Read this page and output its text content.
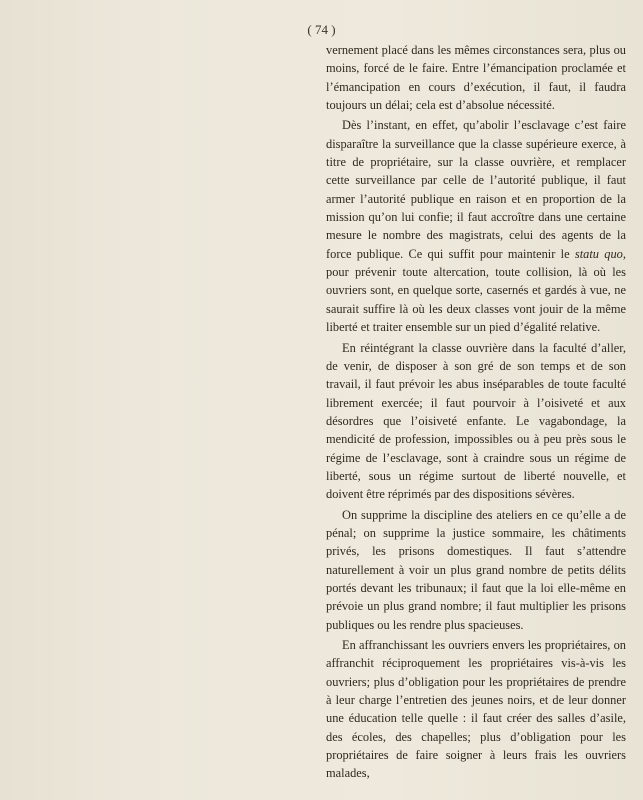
( 74 )

vernement placé dans les mêmes circonstances sera, plus ou moins, forcé de le faire. Entre l’émancipation proclamée et l’émancipation en cours d’exécution, il faut, il faudra toujours un délai; cela est d’absolue nécessité.

Dès l’instant, en effet, qu’abolir l’esclavage c’est faire disparaître la surveillance que la classe supérieure exerce, à titre de propriétaire, sur la classe ouvrière, et remplacer cette surveillance par celle de l’autorité publique, il faut armer l’autorité publique en raison et en proportion de la mission qu’on lui confie; il faut accroître dans une certaine mesure le nombre des magistrats, celui des agents de la force publique. Ce qui suffit pour maintenir le statu quo, pour prévenir toute altercation, toute collision, là où les ouvriers sont, en quelque sorte, casernés et gardés à vue, ne saurait suffire là où les deux classes vont jouir de la même liberté et traiter ensemble sur un pied d’égalité relative.

En réintégrant la classe ouvrière dans la faculté d’aller, de venir, de disposer à son gré de son temps et de son travail, il faut prévoir les abus inséparables de toute faculté librement exercée; il faut pourvoir à l’oisiveté et aux désordres que l’oisiveté enfante. Le vagabondage, la mendicité de profession, impossibles ou à peu près sous le régime de l’esclavage, sont à craindre sous un régime de liberté, sous un régime surtout de liberté nouvelle, et doivent être réprimés par des dispositions sévères.

On supprime la discipline des ateliers en ce qu’elle a de pénal; on supprime la justice sommaire, les châtiments privés, les prisons domestiques. Il faut s’attendre naturellement à voir un plus grand nombre de petits délits portés devant les tribunaux; il faut que la loi elle-même en prévoie un plus grand nombre; il faut multiplier les prisons publiques ou les rendre plus spacieuses.

En affranchissant les ouvriers envers les propriétaires, on affranchit réciproquement les propriétaires vis-à-vis les ouvriers; plus d’obligation pour les propriétaires de prendre à leur charge l’entretien des jeunes noirs, et de leur donner une éducation telle quelle : il faut créer des salles d’asile, des écoles, des chapelles; plus d’obligation pour les propriétaires de faire soigner à leurs frais les ouvriers malades,
